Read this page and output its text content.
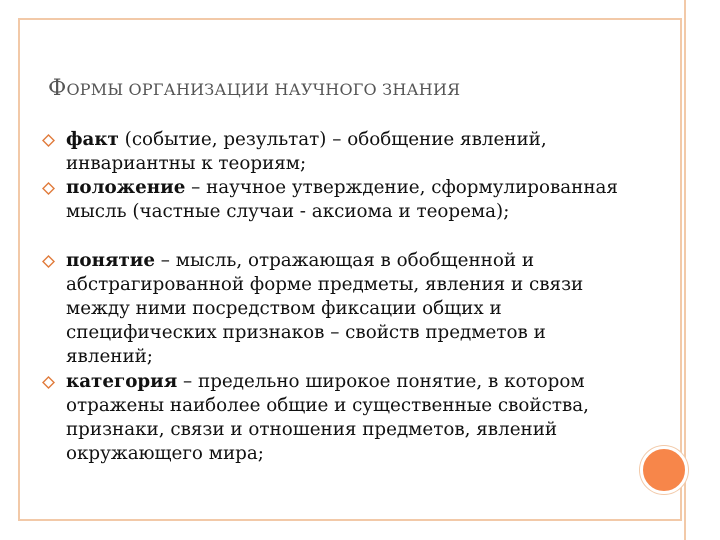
ФОРМЫ ОРГАНИЗАЦИИ НАУЧНОГО ЗНАНИЯ
факт (событие, результат) – обобщение явлений, инвариантны к теориям;
положение – научное утверждение, сформулированная мысль (частные случаи - аксиома и теорема);
понятие – мысль, отражающая в обобщенной и абстрагированной форме предметы, явления и связи между ними посредством фиксации общих и специфических признаков – свойств предметов и явлений;
категория – предельно широкое понятие, в котором отражены наиболее общие и существенные свойства, признаки, связи и отношения предметов, явлений окружающего мира;
